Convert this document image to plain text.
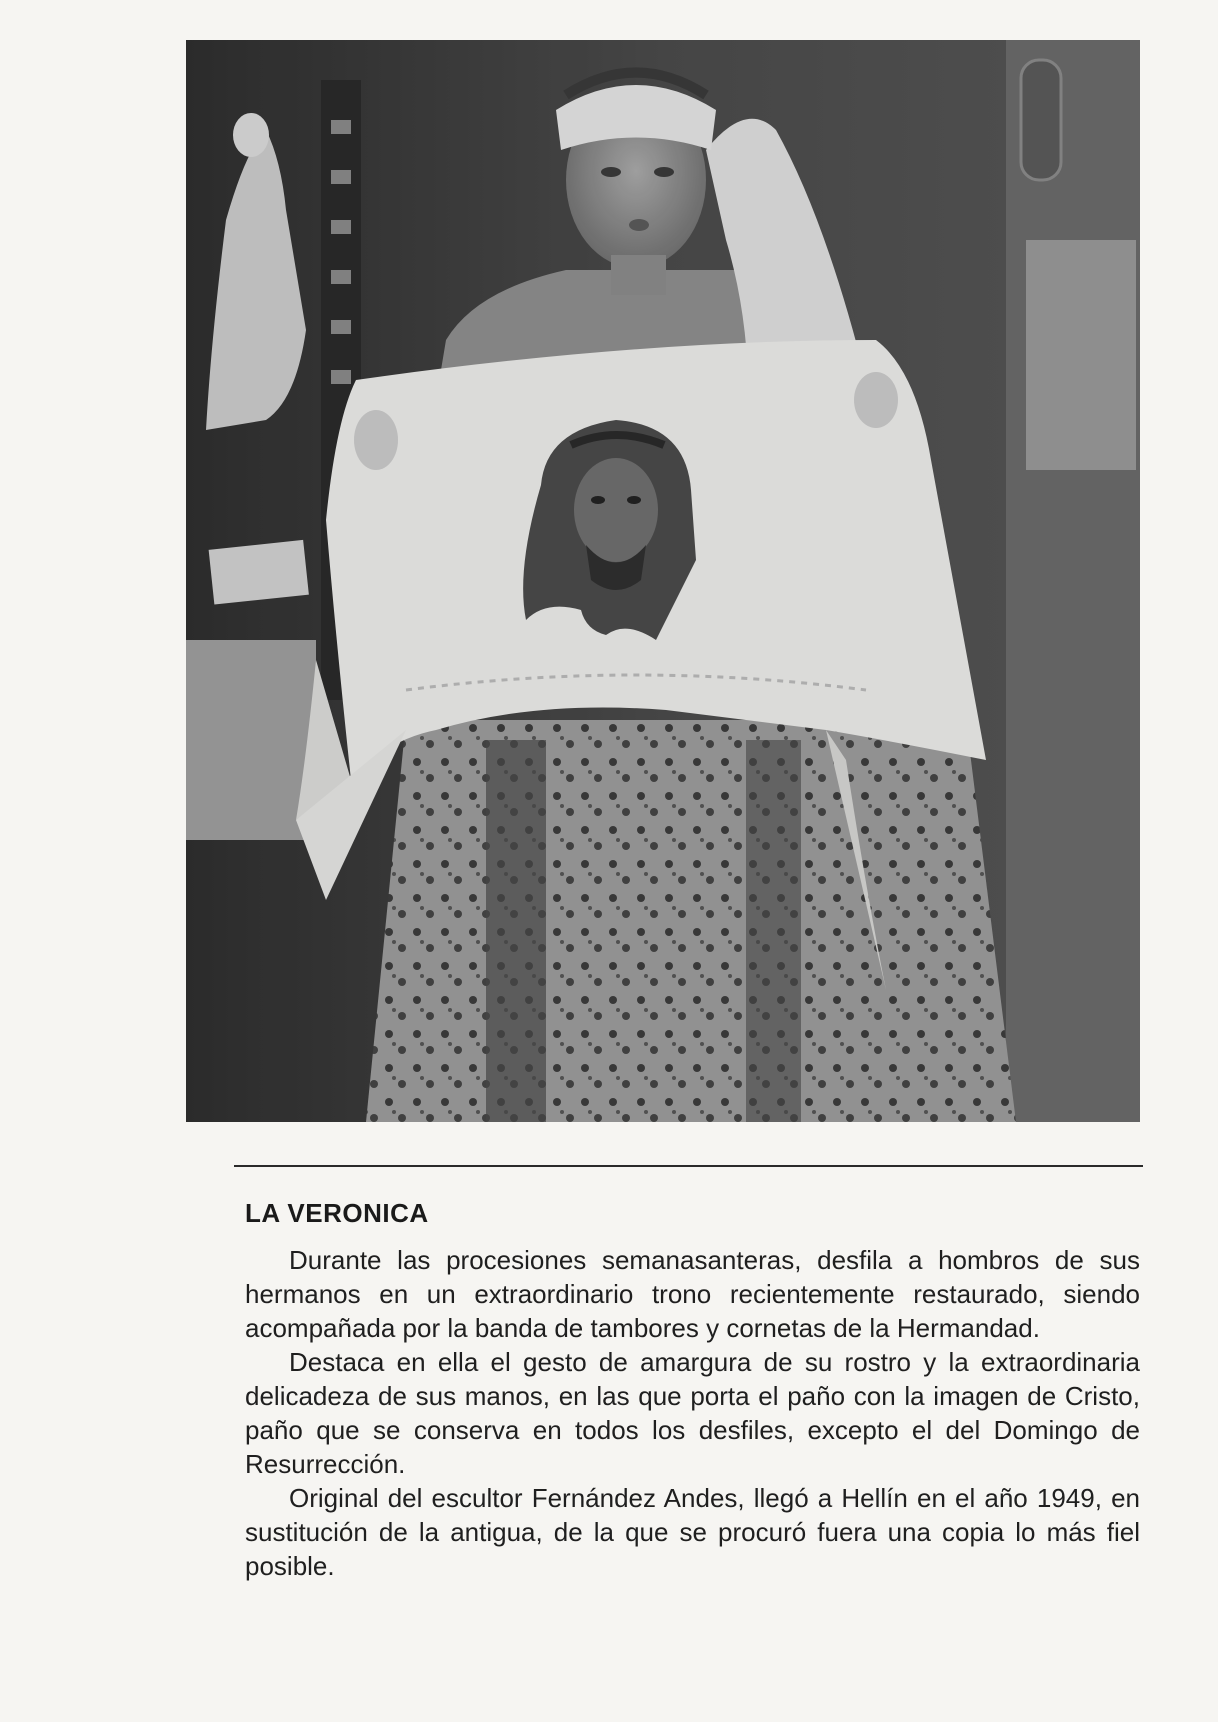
LA VERONICA

Durante las procesiones semanasanteras, desfila a hombros de sus hermanos en un extraordinario trono recientemente restaurado, siendo acompañada por la banda de tambores y cornetas de la Hermandad.

Destaca en ella el gesto de amargura de su rostro y la extraordinaria delicadeza de sus manos, en las que porta el paño con la imagen de Cristo, paño que se conserva en todos los desfiles, excepto el del Domingo de Resurrección.

Original del escultor Fernández Andes, llegó a Hellín en el año 1949, en sustitución de la antigua, de la que se procuró fuera una copia lo más fiel posible.
